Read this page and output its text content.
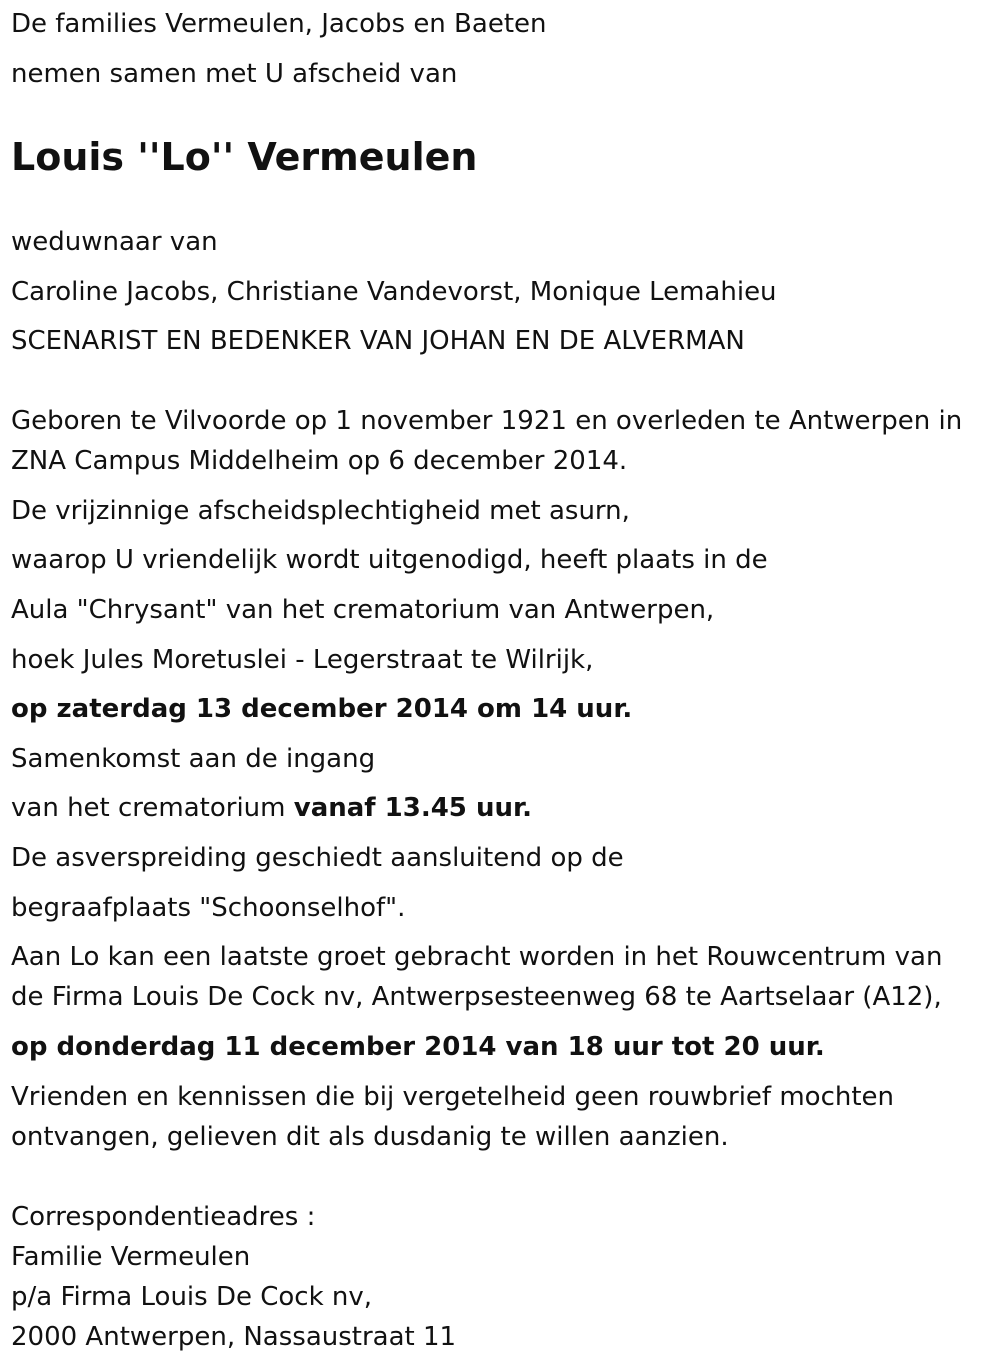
De families Vermeulen, Jacobs en Baeten
nemen samen met U afscheid van
Louis ''Lo'' Vermeulen
weduwnaar van
Caroline Jacobs, Christiane Vandevorst, Monique Lemahieu
SCENARIST EN BEDENKER VAN JOHAN EN DE ALVERMAN
Geboren te Vilvoorde op 1 november 1921 en overleden te Antwerpen in
ZNA Campus Middelheim op 6 december 2014.
De vrijzinnige afscheidsplechtigheid met asurn,
waarop U vriendelijk wordt uitgenodigd, heeft plaats in de
Aula "Chrysant" van het crematorium van Antwerpen,
hoek Jules Moretuslei - Legerstraat te Wilrijk,
op zaterdag 13 december 2014 om 14 uur.
Samenkomst aan de ingang
van het crematorium vanaf 13.45 uur.
De asverspreiding geschiedt aansluitend op de
begraafplaats "Schoonselhof".
Aan Lo kan een laatste groet gebracht worden in het Rouwcentrum van
de Firma Louis De Cock nv, Antwerpsesteenweg 68 te Aartselaar (A12),
op donderdag 11 december 2014 van 18 uur tot 20 uur.
Vrienden en kennissen die bij vergetelheid geen rouwbrief mochten
ontvangen, gelieven dit als dusdanig te willen aanzien.
Correspondentieadres :
Familie Vermeulen
p/a Firma Louis De Cock nv,
2000 Antwerpen, Nassaustraat 11
